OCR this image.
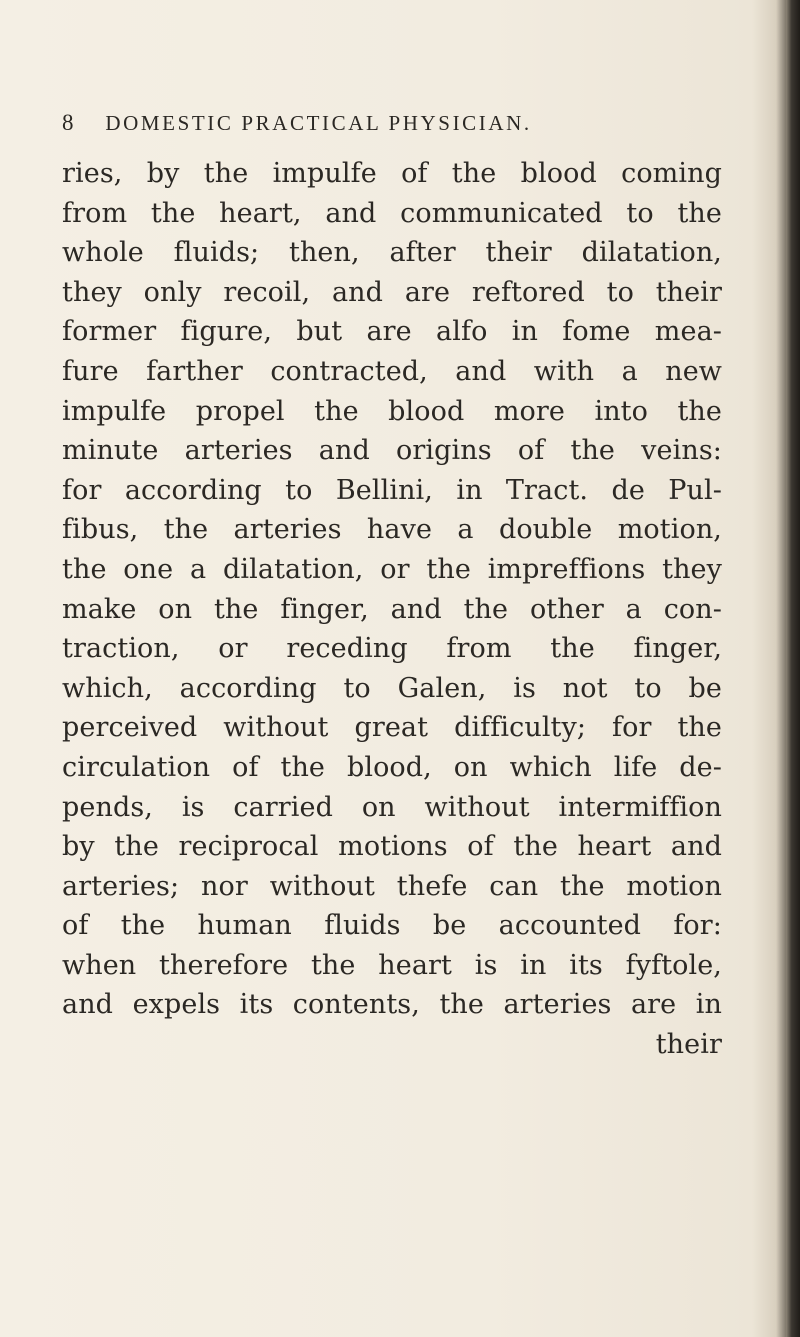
8 DOMESTIC PRACTICAL PHYSICIAN.
ries, by the impulfe of the blood coming
from the heart, and communicated to the
whole fluids; then, after their dilatation,
they only recoil, and are reftored to their
former figure, but are alfo in fome mea-
fure farther contracted, and with a new
impulfe propel the blood more into the
minute arteries and origins of the veins:
for according to Bellini, in Tract. de Pul-
fibus, the arteries have a double motion,
the one a dilatation, or the impreffions they
make on the finger, and the other a con-
traction, or receding from the finger,
which, according to Galen, is not to be
perceived without great difficulty; for the
circulation of the blood, on which life de-
pends, is carried on without intermiffion
by the reciprocal motions of the heart and
arteries; nor without thefe can the motion
of the human fluids be accounted for:
when therefore the heart is in its fyftole,
and expels its contents, the arteries are in
their
